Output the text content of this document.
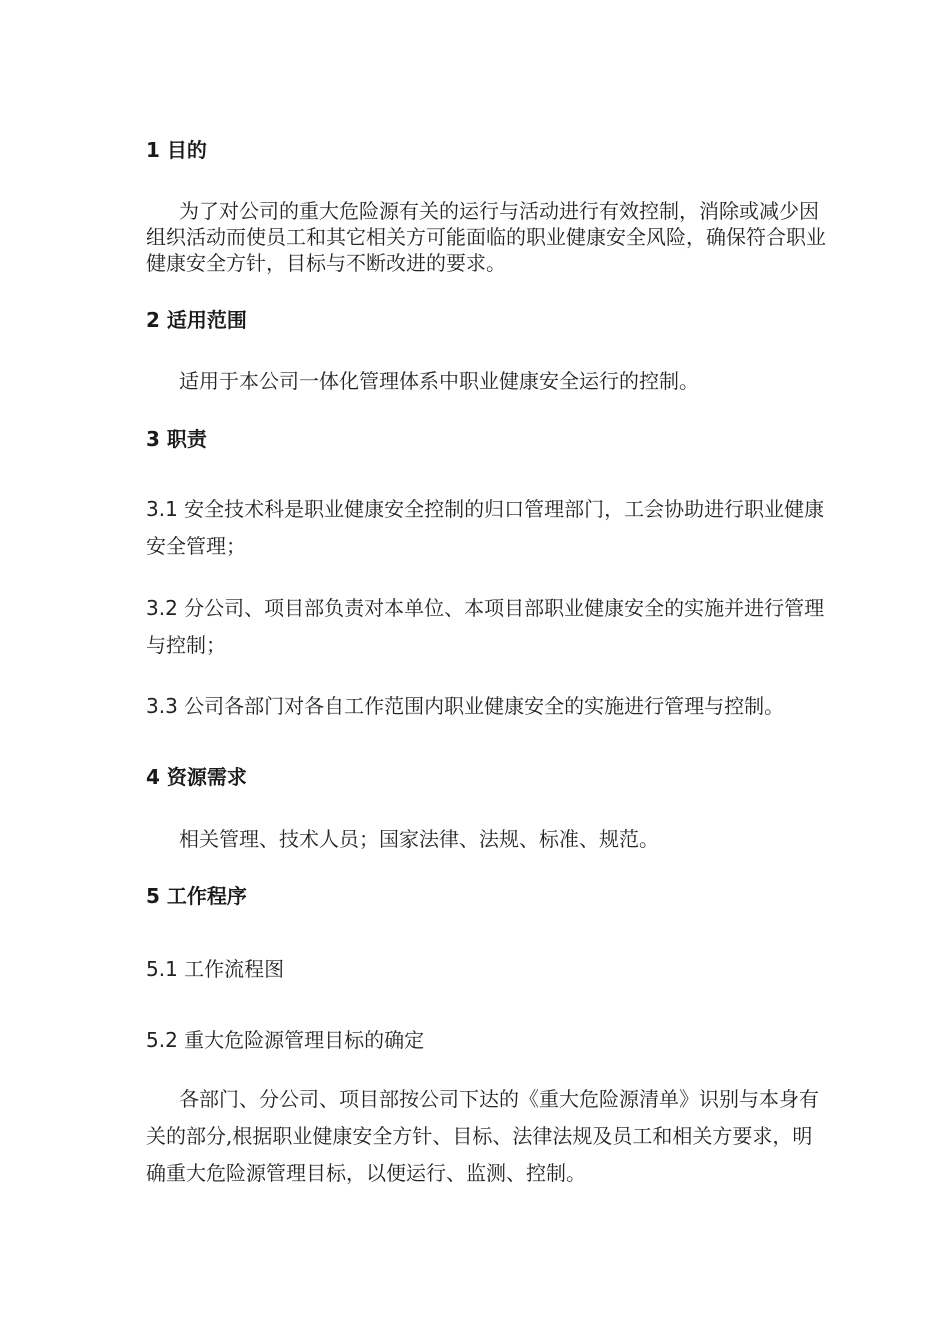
1 目的

为了对公司的重大危险源有关的运行与活动进行有效控制，消除或减少因组织活动而使员工和其它相关方可能面临的职业健康安全风险，确保符合职业健康安全方针，目标与不断改进的要求。

2 适用范围

适用于本公司一体化管理体系中职业健康安全运行的控制。

3 职责

3.1 安全技术科是职业健康安全控制的归口管理部门，工会协助进行职业健康安全管理；

3.2 分公司、项目部负责对本单位、本项目部职业健康安全的实施并进行管理与控制；

3.3 公司各部门对各自工作范围内职业健康安全的实施进行管理与控制。

4 资源需求

相关管理、技术人员；国家法律、法规、标准、规范。

5 工作程序

5.1 工作流程图

5.2 重大危险源管理目标的确定

各部门、分公司、项目部按公司下达的《重大危险源清单》识别与本身有关的部分,根据职业健康安全方针、目标、法律法规及员工和相关方要求，明确重大危险源管理目标，以便运行、监测、控制。
